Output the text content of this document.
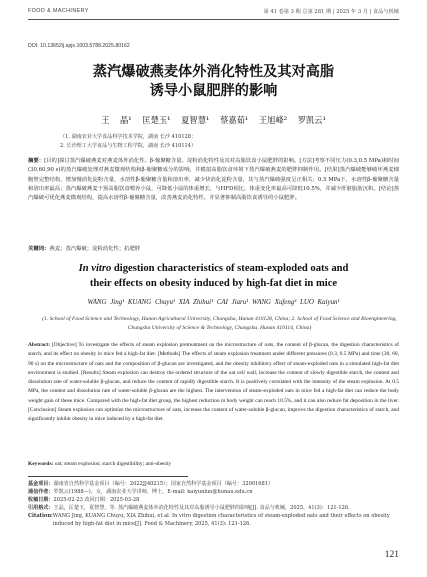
FOOD & MACHINERY	第 41 卷第 3 期 总第 281 期 | 2025 年 3 月 | 食品与机械
DOI: 10.13652/j.spjx.1003.5788.2025.80162
蒸汽爆破燕麦体外消化特性及其对高脂
诱导小鼠肥胖的影响
王 晶¹ 匡楚玉¹ 夏智慧¹ 蔡嘉茹¹ 王旭峰² 罗凯云¹
（1. 湖南农业大学食品科学技术学院，湖南 长沙 410128；
2. 长沙理工大学食品与生物工程学院，湖南 长沙 410114）
摘要：[目的]探讨蒸汽爆破燕麦对燕麦体外消化性、β-葡聚糖含量、淀粉消化特性及其对高脂饮食小鼠肥胖的影响。[方法]考察不同压力(0.3,0.5 MPa)和时间(30,60,90 s)的蒸汽爆破处理对燕麦微观结构和β-葡聚糖成分的影响，并模拟高脂饮食环境下蒸汽爆破燕麦的肥胖抑制作用。[结果]蒸汽爆破能够破坏燕麦细胞壁完整结构，增加慢消化淀粉含量，水溶性β-葡聚糖含量和溶出率，减少快消化淀粉含量，其与蒸汽爆破强度呈正相关；0.5 MPa下，水溶性β-葡聚糖含量和溶出率最高；蒸汽爆破燕麦干预高脂饮食喂养小鼠，可降低小鼠的体重增长，与HFD相比，体重变化率最高可降低10.5%，并减少肝脏脂肪沉积。[结论]蒸汽爆破可优化燕麦微观结构，提高水溶性β-葡聚糖含量，改善燕麦消化特性，并显著抑制高脂饮食诱导的小鼠肥胖。
关键词：燕麦；蒸汽爆破；淀粉消化性；抗肥胖
In vitro digestion characteristics of steam-exploded oats and
their effects on obesity induced by high-fat diet in mice
WANG Jing¹ KUANG Chuyu¹ XIA Zhihui¹ CAI Jiaru¹ WANG Xufeng² LUO Kaiyun¹
(1. School of Food Science and Technology, Hunan Agricultural University, Changsha, Hunan 410128, China; 2. School of Food Science and Bioengineering, Changsha University of Science & Technology, Changsha, Hunan 410114, China)
Abstract: [Objective] To investigate the effects of steam explosion pretreatment on the microstructure of oats, the content of β-glucan, the digestion characteristics of starch, and its effect on obesity in mice fed a high-fat diet. [Methods] The effects of steam explosion treatment under different pressures (0.3, 0.5 MPa) and time (30, 60, 90 s) on the microstructure of oats and the composition of β-glucan are investigated, and the obesity inhibitory effect of steam-exploded oats in a simulated high-fat diet environment is studied. [Results] Steam explosion can destroy the ordered structure of the oat cell wall, increase the content of slowly digestible starch, the content and dissolution rate of water-soluble β-glucan, and reduce the content of rapidly digestible starch. It is positively correlated with the intensity of the steam explosion. At 0.5 MPa, the content and dissolution rate of water-soluble β-glucan are the highest. The intervention of steam-exploded oats in mice fed a high-fat diet can reduce the body weight gain of these mice. Compared with the high-fat diet group, the highest reduction in body weight can reach 10.5%, and it can also reduce fat deposition in the liver. [Conclusion] Steam explosion can optimize the microstructure of oats, increase the content of water-soluble β-glucan, improve the digestion characteristics of starch, and significantly inhibit obesity in mice induced by a high-fat diet.
Keywords: oat; steam explosion; starch digestibility; anti-obesity
基金项目： 湖南省自然科学基金项目（编号：2022JJ40215）；国家自然科学基金项目（编号：32001681）
通信作者： 罗凯云(1988—)，女，湖南农业大学讲师，博士。E-mail: kaiyunluo@hunau.edu.cn
收稿日期： 2025-02-23 改回日期：2025-03-28
引用格式： 王晶，匡楚玉，夏智慧，等. 蒸汽爆破燕麦体外消化特性及其对高脂诱导小鼠肥胖的影响[J]. 食品与机械，2025，41(3)：121-126.
Citation: WANG Jing, KUANG Chuyu, XIA Zhihui, et al. In vitro digestion characteristics of steam-exploded oats and their effects on obesity induced by high-fat diet in mice[J]. Food & Machinery, 2025, 41(3): 121-126.
121
